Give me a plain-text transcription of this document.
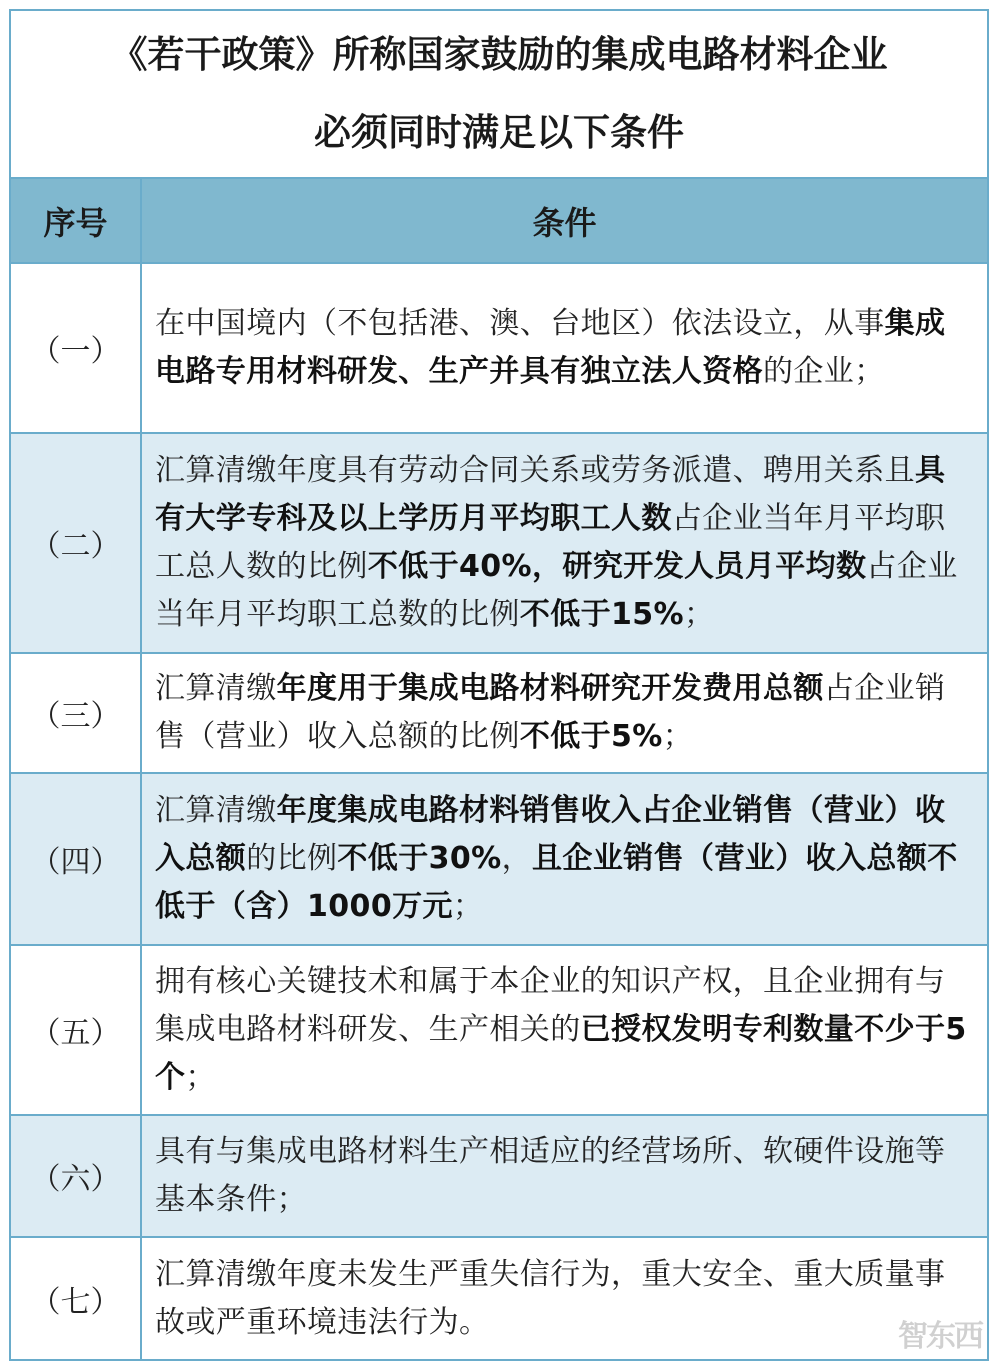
《若干政策》所称国家鼓励的集成电路材料企业
必须同时满足以下条件
序号	条件
（一）	在中国境内（不包括港、澳、台地区）依法设立，从事集成电路专用材料研发、生产并具有独立法人资格的企业；
（二）	汇算清缴年度具有劳动合同关系或劳务派遣、聘用关系且具有大学专科及以上学历月平均职工人数占企业当年月平均职工总人数的比例不低于40%，研究开发人员月平均数占企业当年月平均职工总数的比例不低于15%；
（三）	汇算清缴年度用于集成电路材料研究开发费用总额占企业销售（营业）收入总额的比例不低于5%；
（四）	汇算清缴年度集成电路材料销售收入占企业销售（营业）收入总额的比例不低于30%，且企业销售（营业）收入总额不低于（含）1000万元；
（五）	拥有核心关键技术和属于本企业的知识产权，且企业拥有与集成电路材料研发、生产相关的已授权发明专利数量不少于5个；
（六）	具有与集成电路材料生产相适应的经营场所、软硬件设施等基本条件；
（七）	汇算清缴年度未发生严重失信行为，重大安全、重大质量事故或严重环境违法行为。	智东西
